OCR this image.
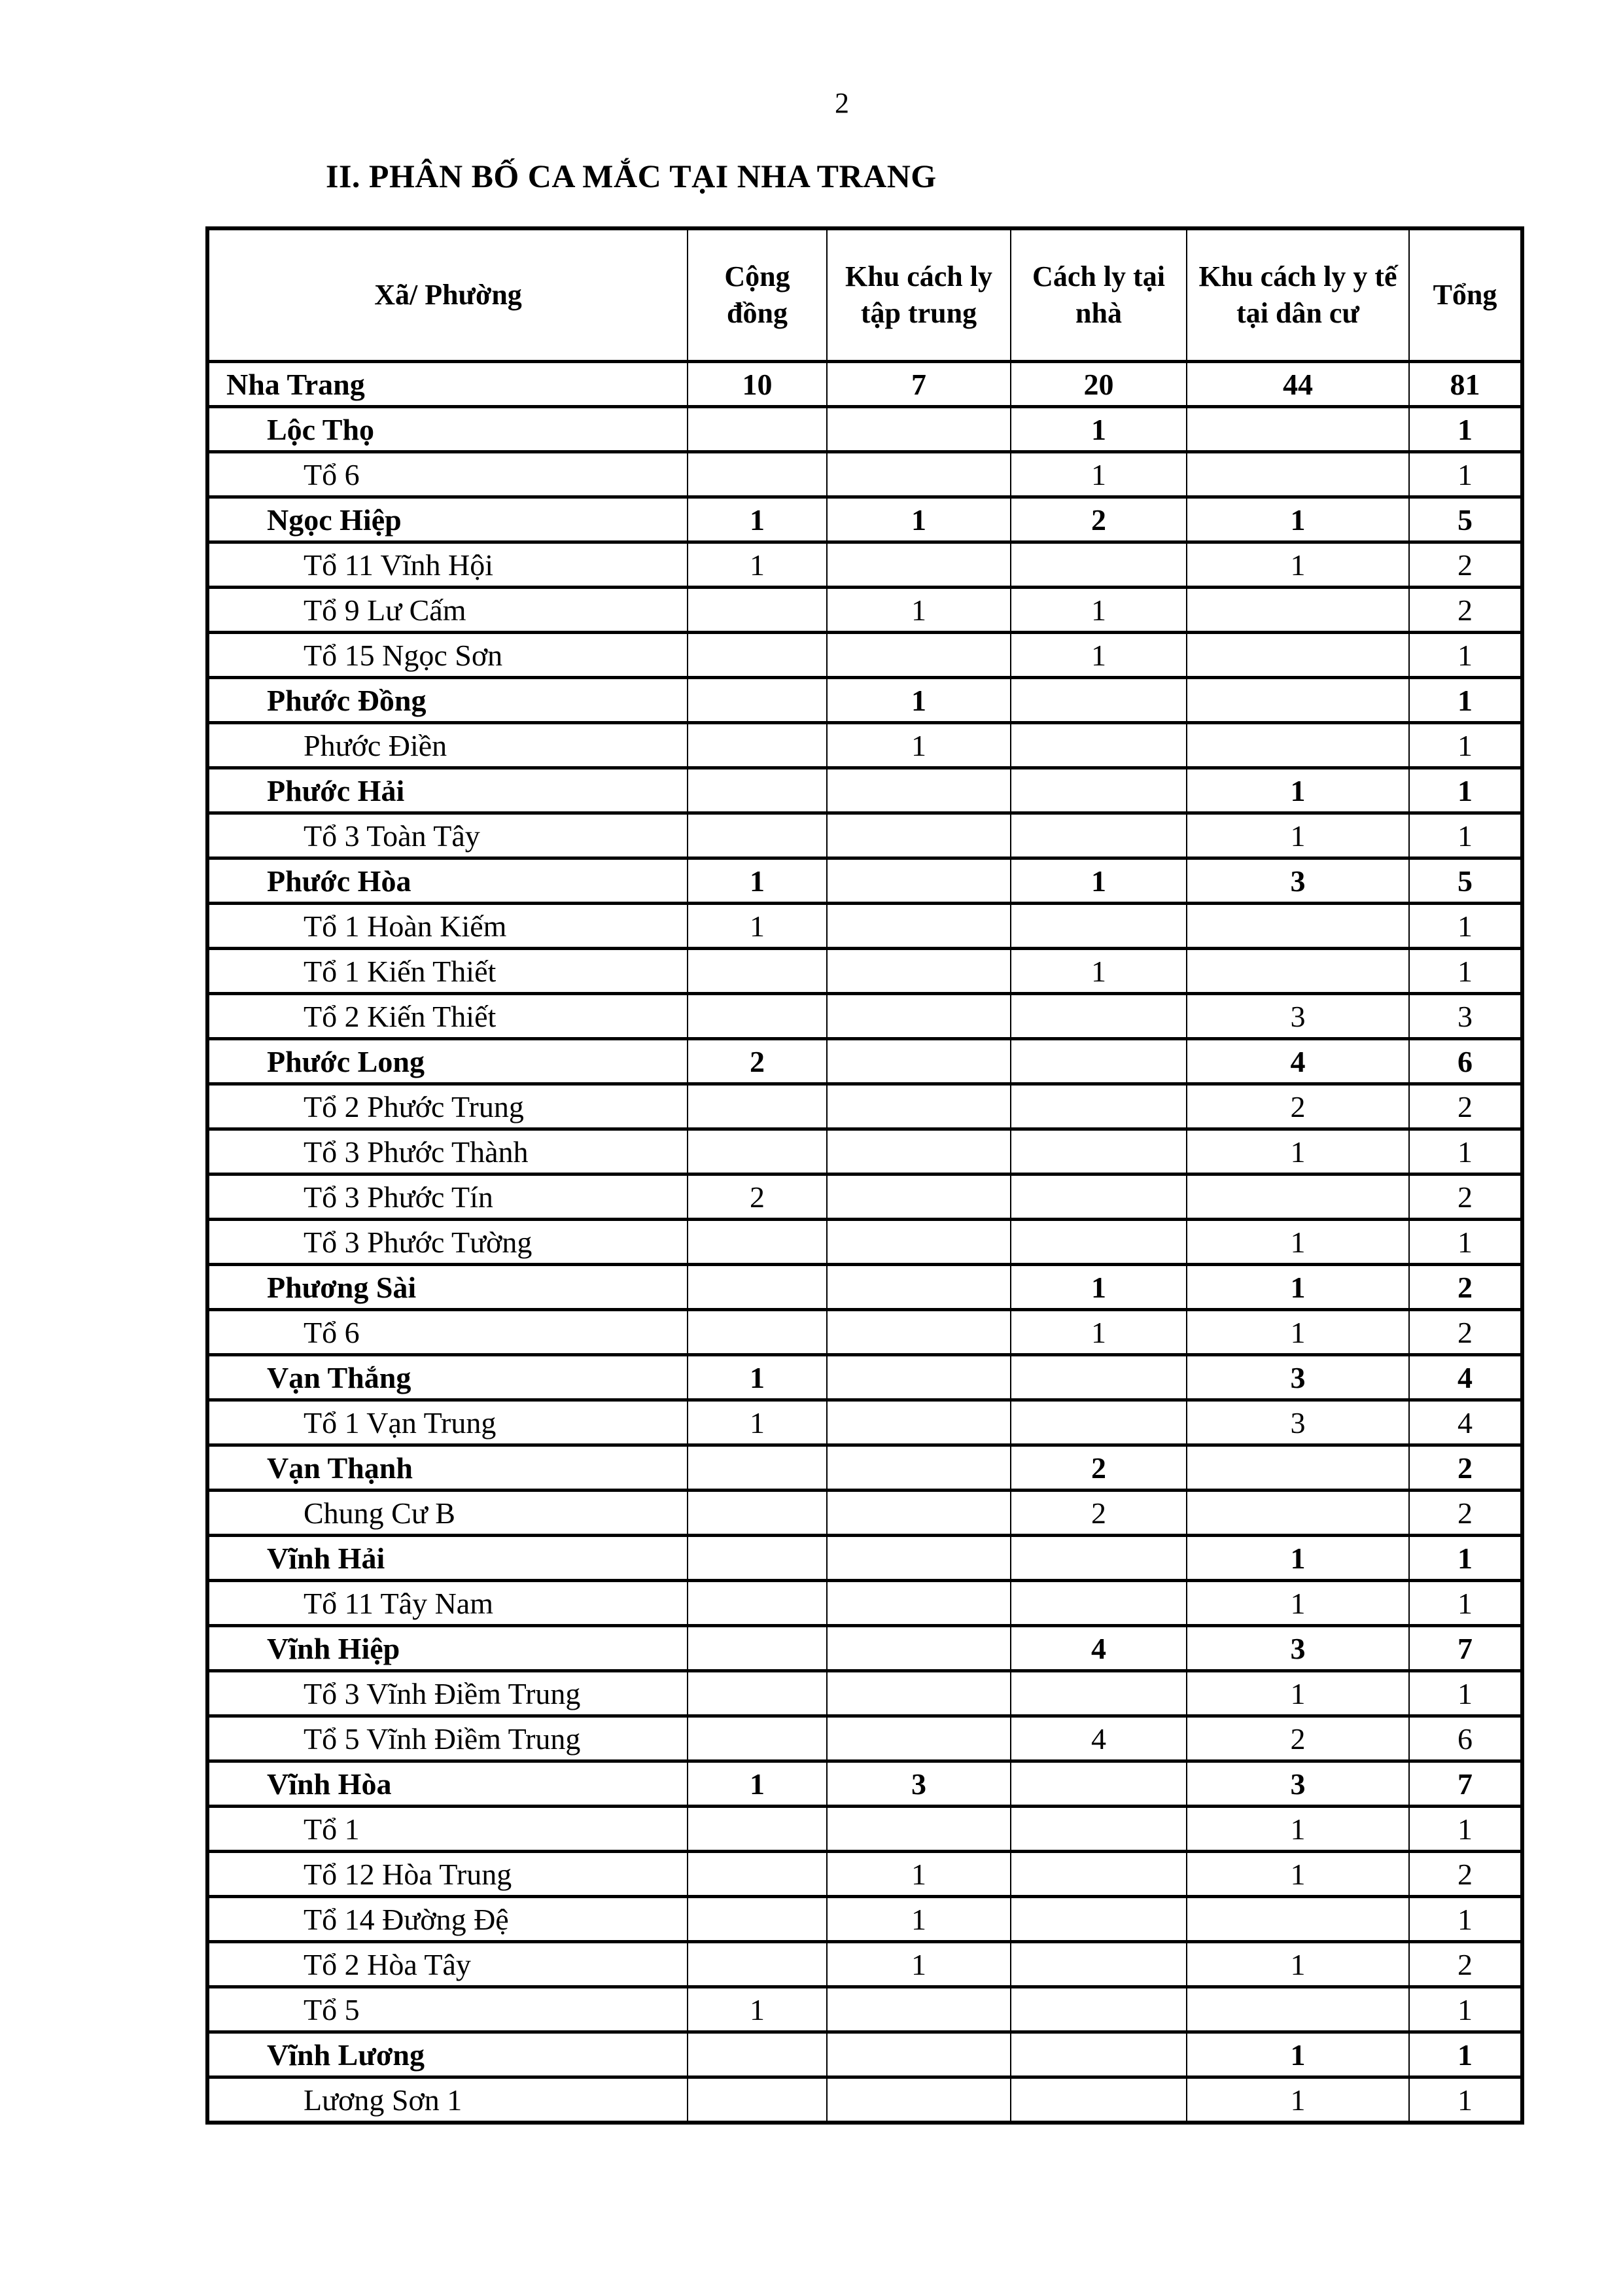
2
II. PHÂN BỐ CA MẮC TẠI NHA TRANG
Xã/ Phường	Cộng đồng	Khu cách ly tập trung	Cách ly tại nhà	Khu cách ly y tế tại dân cư	Tổng
Nha Trang	10	7	20	44	81
Lộc Thọ			1		1
Tổ 6			1		1
Ngọc Hiệp	1	1	2	1	5
Tổ 11 Vĩnh Hội	1			1	2
Tổ 9 Lư Cấm		1	1		2
Tổ 15 Ngọc Sơn			1		1
Phước Đồng		1			1
Phước Điền		1			1
Phước Hải				1	1
Tổ 3 Toàn Tây				1	1
Phước Hòa	1		1	3	5
Tổ 1 Hoàn Kiếm	1				1
Tổ 1 Kiến Thiết			1		1
Tổ 2 Kiến Thiết				3	3
Phước Long	2			4	6
Tổ 2 Phước Trung				2	2
Tổ 3 Phước Thành				1	1
Tổ 3 Phước Tín	2				2
Tổ 3 Phước Tường				1	1
Phương Sài			1	1	2
Tổ 6			1	1	2
Vạn Thắng	1			3	4
Tổ 1 Vạn Trung	1			3	4
Vạn Thạnh			2		2
Chung Cư B			2		2
Vĩnh Hải				1	1
Tổ 11 Tây Nam				1	1
Vĩnh Hiệp			4	3	7
Tổ 3 Vĩnh Điềm Trung				1	1
Tổ 5 Vĩnh Điềm Trung			4	2	6
Vĩnh Hòa	1	3		3	7
Tổ 1				1	1
Tổ 12 Hòa Trung		1		1	2
Tổ 14 Đường Đệ		1			1
Tổ 2 Hòa Tây		1		1	2
Tổ 5	1				1
Vĩnh Lương				1	1
Lương Sơn 1				1	1
